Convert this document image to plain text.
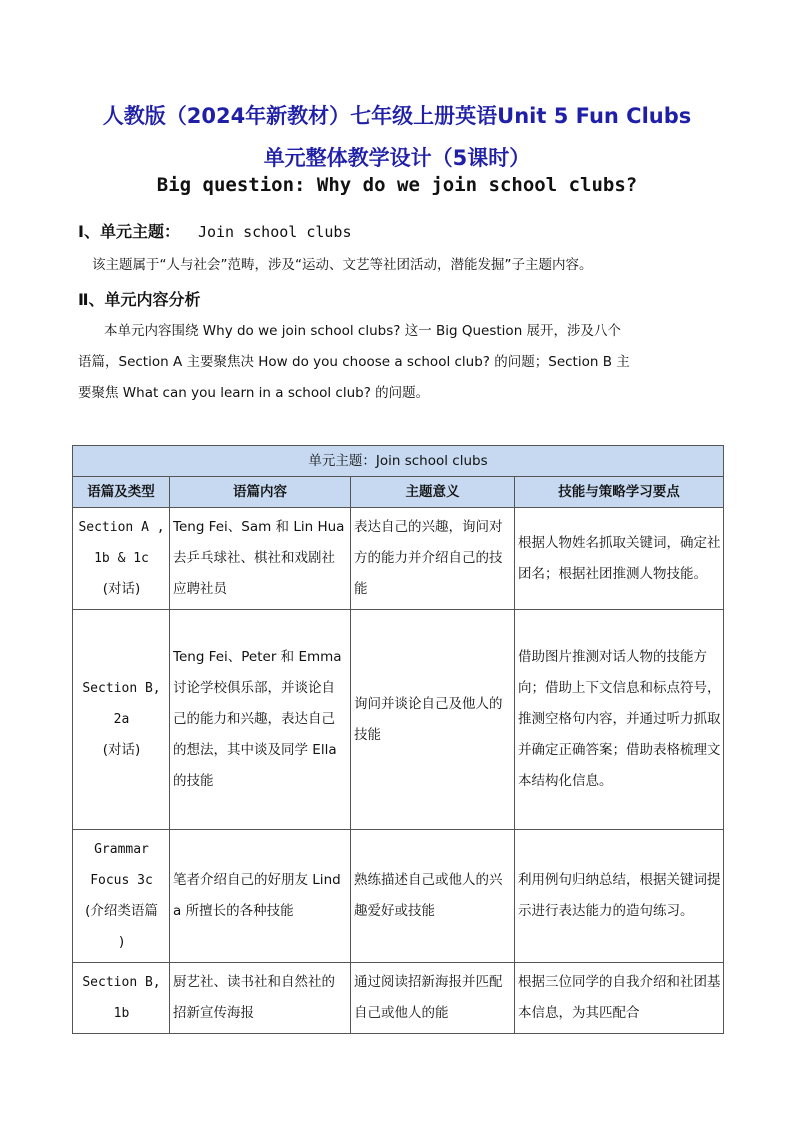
人教版（2024年新教材）七年级上册英语Unit 5 Fun Clubs
单元整体教学设计（5课时）
Big question: Why do we join school clubs?
Ⅰ、单元主题： Join school clubs
该主题属于“人与社会”范畴，涉及“运动、文艺等社团活动，潜能发掘”子主题内容。
Ⅱ、单元内容分析
本单元内容围绕 Why do we join school clubs? 这一 Big Question 展开，涉及八个
语篇，Section A 主要聚焦决 How do you choose a school club? 的问题；Section B 主
要聚焦 What can you learn in a school club? 的问题。
单元主题：Join school clubs			
语篇及类型	语篇内容	主题意义	技能与策略学习要点

Section A ,
1b & 1c
(对话)	Teng Fei、Sam 和 Lin Hua 去乒乓球社、棋社和戏剧社应聘社员	表达自己的兴趣，询问对方的能力并介绍自己的技能	根据人物姓名抓取关键词，确定社团名；根据社团推测人物技能。

Section B,
2a
(对话)	Teng Fei、Peter 和 Emma讨论学校俱乐部，并谈论自己的能力和兴趣，表达自己的想法，其中谈及同学 Ella 的技能	询问并谈论自己及他人的技能	借助图片推测对话人物的技能方向；借助上下文信息和标点符号，推测空格句内容，并通过听力抓取并确定正确答案；借助表格梳理文本结构化信息。

Grammar
Focus 3c
(介绍类语篇
)	笔者介绍自己的好朋友 Linda 所擅长的各种技能	熟练描述自己或他人的兴趣爱好或技能	利用例句归纳总结，根据关键词提示进行表达能力的造句练习。

Section B,
1b	厨艺社、读书社和自然社的招新宣传海报	通过阅读招新海报并匹配自己或他人的能	根据三位同学的自我介绍和社团基本信息，为其匹配合
